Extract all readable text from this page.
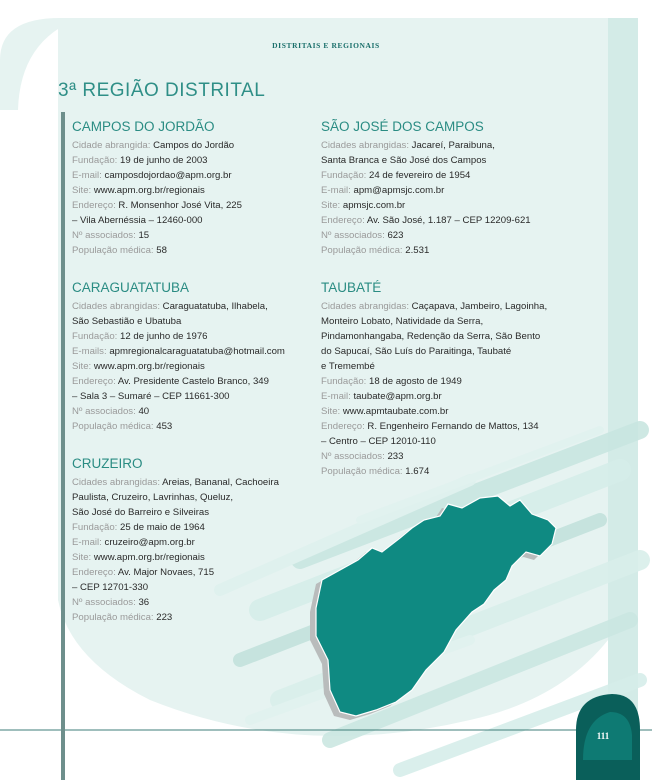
DISTRITAIS E REGIONAIS
3ª REGIÃO DISTRITAL
CAMPOS DO JORDÃO
Cidade abrangida: Campos do Jordão
Fundação: 19 de junho de 2003
E-mail: camposdojordao@apm.org.br
Site: www.apm.org.br/regionais
Endereço: R. Monsenhor José Vita, 225
– Vila Abernéssia – 12460-000
Nº associados: 15
População médica: 58
CARAGUATATUBA
Cidades abrangidas: Caraguatatuba, Ilhabela,
São Sebastião e Ubatuba
Fundação: 12 de junho de 1976
E-mails: apmregionalcaraguatatuba@hotmail.com
Site: www.apm.org.br/regionais
Endereço: Av. Presidente Castelo Branco, 349
– Sala 3 – Sumaré – CEP 11661-300
Nº associados: 40
População médica: 453
CRUZEIRO
Cidades abrangidas: Areias, Bananal, Cachoeira
Paulista, Cruzeiro, Lavrinhas, Queluz,
São José do Barreiro e Silveiras
Fundação: 25 de maio de 1964
E-mail: cruzeiro@apm.org.br
Site: www.apm.org.br/regionais
Endereço: Av. Major Novaes, 715
– CEP 12701-330
Nº associados: 36
População médica: 223
SÃO JOSÉ DOS CAMPOS
Cidades abrangidas: Jacareí, Paraibuna,
Santa Branca e São José dos Campos
Fundação: 24 de fevereiro de 1954
E-mail: apm@apmsjc.com.br
Site: apmsjc.com.br
Endereço: Av. São José, 1.187 – CEP 12209-621
Nº associados: 623
População médica: 2.531
TAUBATÉ
Cidades abrangidas: Caçapava, Jambeiro, Lagoinha,
Monteiro Lobato, Natividade da Serra,
Pindamonhangaba, Redenção da Serra, São Bento
do Sapucaí, São Luís do Paraitinga, Taubaté
e Tremembé
Fundação: 18 de agosto de 1949
E-mail: taubate@apm.org.br
Site: www.apmtaubate.com.br
Endereço: R. Engenheiro Fernando de Mattos, 134
– Centro – CEP 12010-110
Nº associados: 233
População médica: 1.674
111
